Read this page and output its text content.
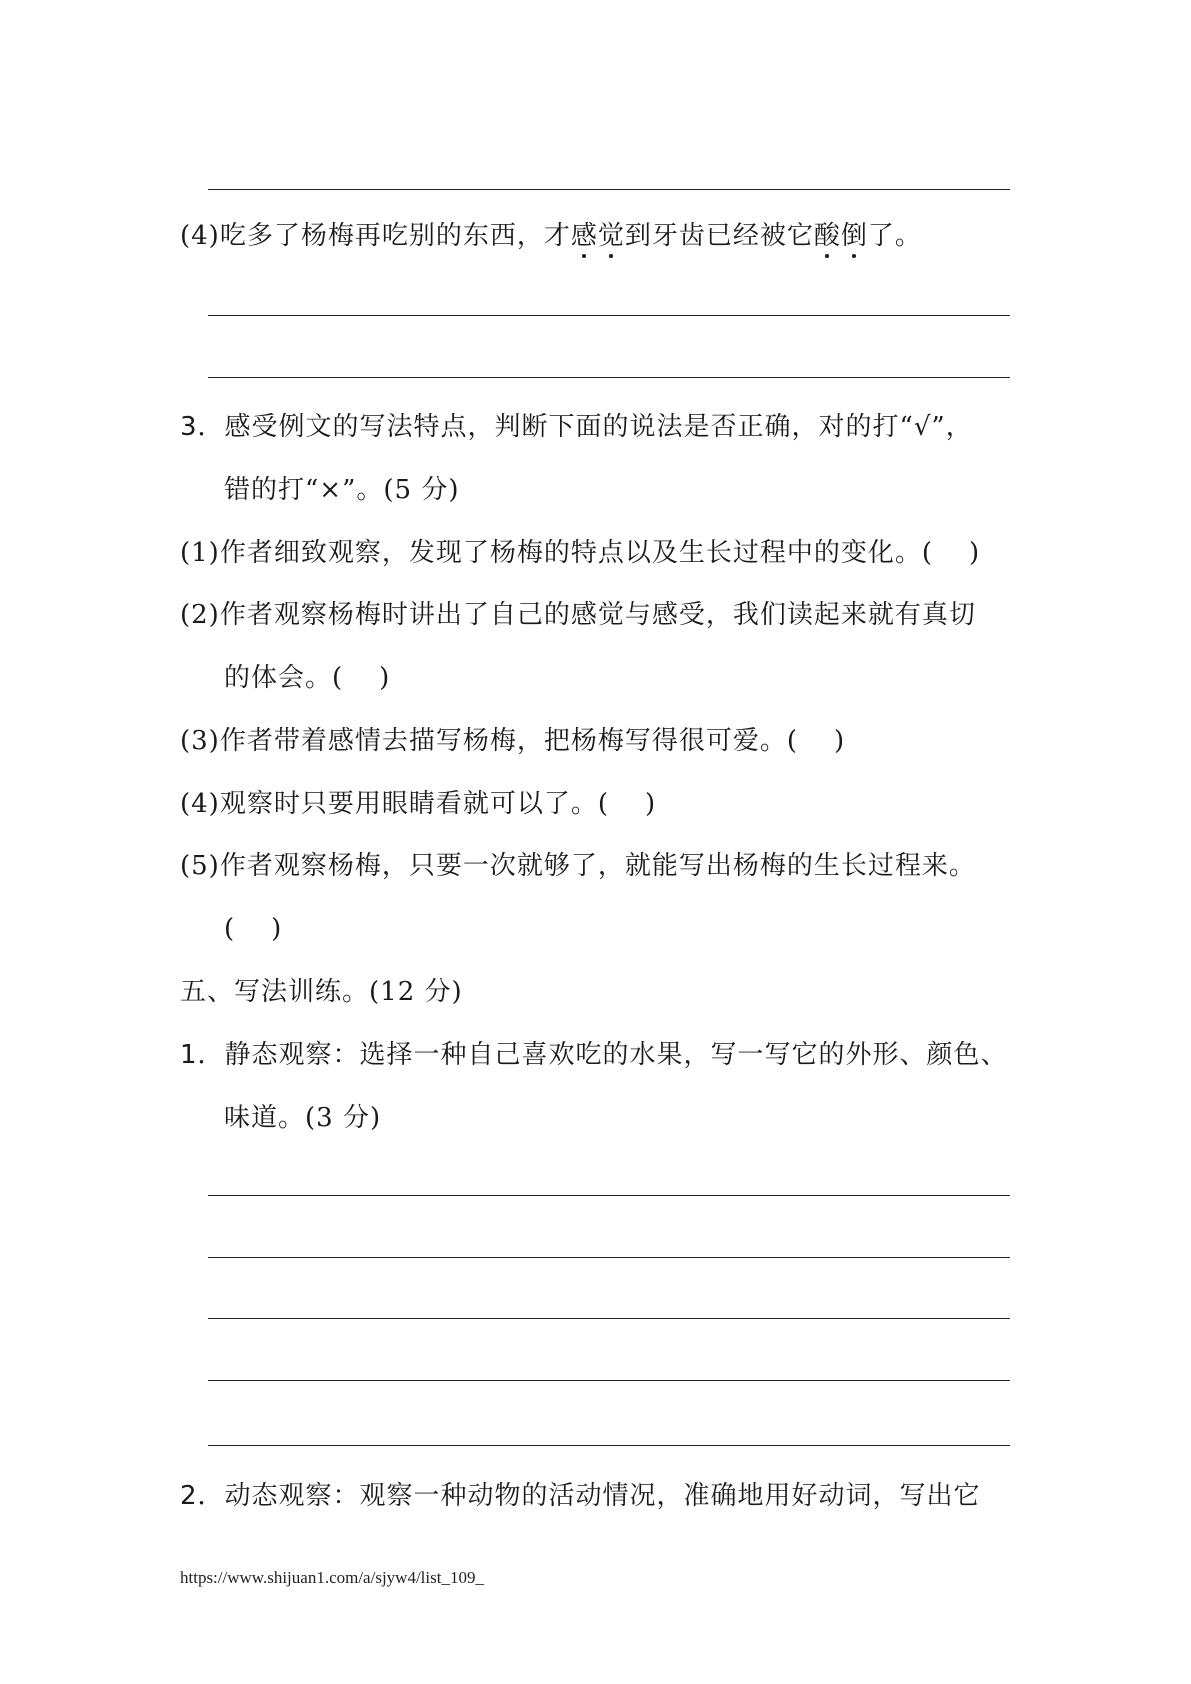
(4)吃多了杨梅再吃别的东西，才感觉到牙齿已经被它酸倒了。
3．感受例文的写法特点，判断下面的说法是否正确，对的打“√”，
错的打“×”。(5 分)
(1)作者细致观察，发现了杨梅的特点以及生长过程中的变化。( )
(2)作者观察杨梅时讲出了自己的感觉与感受，我们读起来就有真切
的体会。( )
(3)作者带着感情去描写杨梅，把杨梅写得很可爱。( )
(4)观察时只要用眼睛看就可以了。( )
(5)作者观察杨梅，只要一次就够了，就能写出杨梅的生长过程来。
( )
五、写法训练。(12 分)
1．静态观察：选择一种自己喜欢吃的水果，写一写它的外形、颜色、
味道。(3 分)
2．动态观察：观察一种动物的活动情况，准确地用好动词，写出它
https://www.shijuan1.com/a/sjyw4/list_109_
